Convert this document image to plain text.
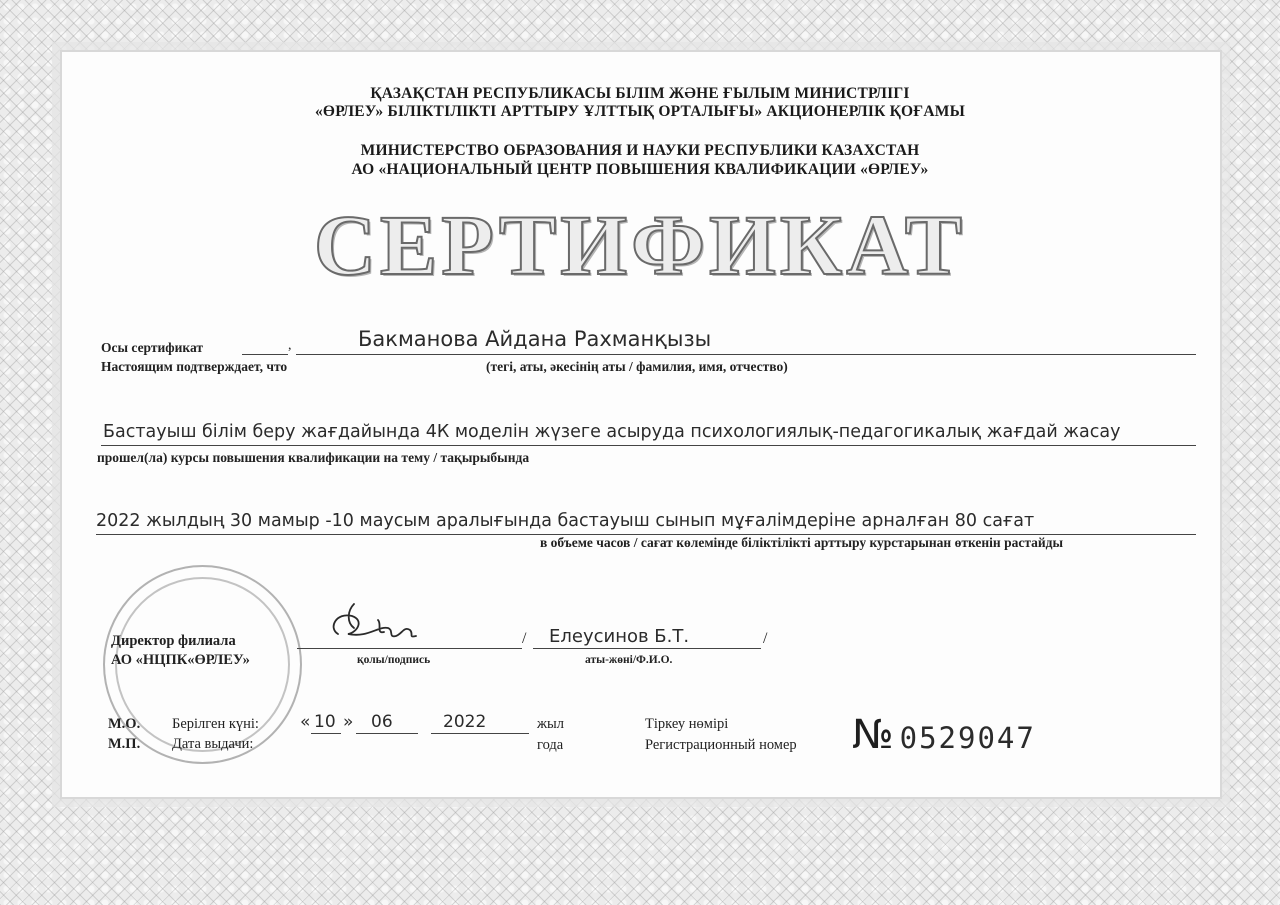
ҚАЗАҚСТАН РЕСПУБЛИКАСЫ БІЛІМ ЖӘНЕ ҒЫЛЫМ МИНИСТРЛІГІ
«ӨРЛЕУ» БІЛІКТІЛІКТІ АРТТЫРУ ҰЛТТЫҚ ОРТАЛЫҒЫ» АКЦИОНЕРЛІК ҚОҒАМЫ
МИНИСТЕРСТВО ОБРАЗОВАНИЯ И НАУКИ РЕСПУБЛИКИ КАЗАХСТАН
АО «НАЦИОНАЛЬНЫЙ ЦЕНТР ПОВЫШЕНИЯ КВАЛИФИКАЦИИ «ӨРЛЕУ»
СЕРТИФИКАТ
Осы сертификат	,	Бакманова Айдана Рахманқызы
Настоящим подтверждает, что	(тегі, аты, әкесінің аты / фамилия, имя, отчество)
Бастауыш білім беру жағдайында 4К моделін жүзеге асыруда психологиялық-педагогикалық жағдай жасау
прошел(ла) курсы повышения квалификации на тему / тақырыбында
2022 жылдың 30 мамыр -10 маусым аралығында бастауыш сынып мұғалімдеріне арналған 80 сағат
в объеме часов / сағат көлемінде біліктілікті арттыру курстарынан өткенін растайды
Директор филиала
АО «НЦПК«ӨРЛЕУ»
/
қолы/подпись
Елеусинов Б.Т.	/
аты-жөні/Ф.И.О.
М.О.
М.П.
Берілген күні:
Дата выдачи:
« 10 » 06	2022	жыл
года
Тіркеу нөмірі
Регистрационный номер № 0529047
